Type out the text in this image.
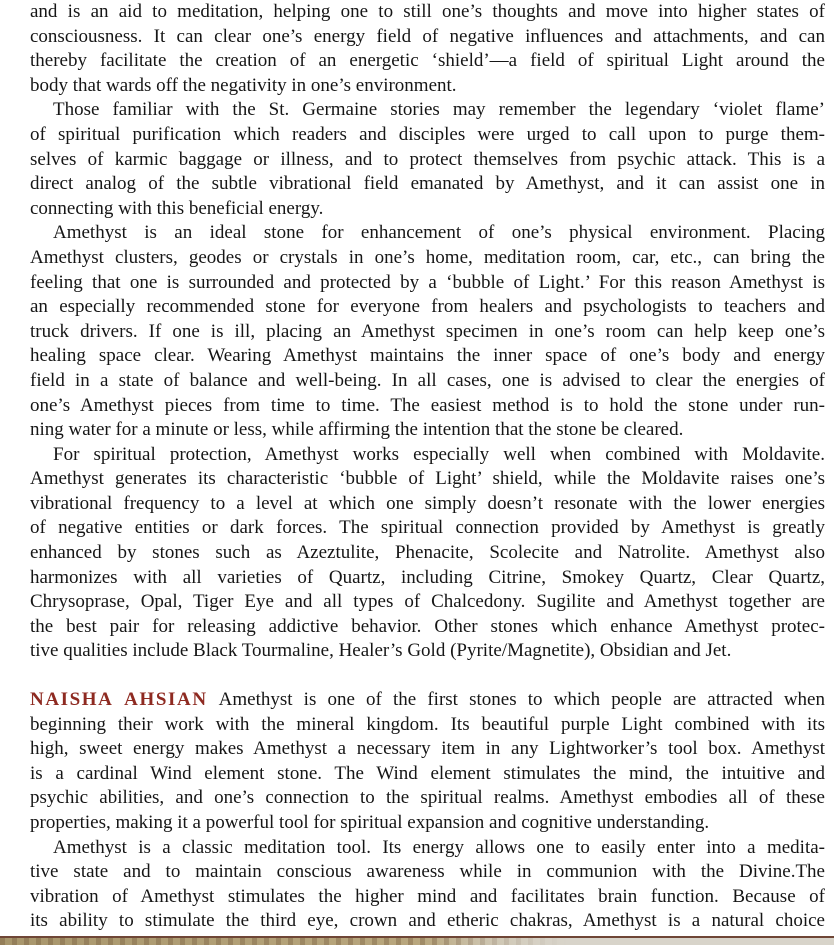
and is an aid to meditation, helping one to still one’s thoughts and move into higher states of
consciousness. It can clear one’s energy field of negative influences and attachments, and can
thereby facilitate the creation of an energetic ‘shield’—a field of spiritual Light around the
body that wards off the negativity in one’s environment.
Those familiar with the St. Germaine stories may remember the legendary ‘violet flame’
of spiritual purification which readers and disciples were urged to call upon to purge them-
selves of karmic baggage or illness, and to protect themselves from psychic attack. This is a
direct analog of the subtle vibrational field emanated by Amethyst, and it can assist one in
connecting with this beneficial energy.
Amethyst is an ideal stone for enhancement of one’s physical environment. Placing
Amethyst clusters, geodes or crystals in one’s home, meditation room, car, etc., can bring the
feeling that one is surrounded and protected by a ‘bubble of Light.’ For this reason Amethyst is
an especially recommended stone for everyone from healers and psychologists to teachers and
truck drivers. If one is ill, placing an Amethyst specimen in one’s room can help keep one’s
healing space clear. Wearing Amethyst maintains the inner space of one’s body and energy
field in a state of balance and well-being. In all cases, one is advised to clear the energies of
one’s Amethyst pieces from time to time. The easiest method is to hold the stone under run-
ning water for a minute or less, while affirming the intention that the stone be cleared.
For spiritual protection, Amethyst works especially well when combined with Moldavite.
Amethyst generates its characteristic ‘bubble of Light’ shield, while the Moldavite raises one’s
vibrational frequency to a level at which one simply doesn’t resonate with the lower energies
of negative entities or dark forces. The spiritual connection provided by Amethyst is greatly
enhanced by stones such as Azeztulite, Phenacite, Scolecite and Natrolite. Amethyst also
harmonizes with all varieties of Quartz, including Citrine, Smokey Quartz, Clear Quartz,
Chrysoprase, Opal, Tiger Eye and all types of Chalcedony. Sugilite and Amethyst together are
the best pair for releasing addictive behavior. Other stones which enhance Amethyst protec-
tive qualities include Black Tourmaline, Healer’s Gold (Pyrite/Magnetite), Obsidian and Jet.
NAISHA AHSIAN Amethyst is one of the first stones to which people are attracted when
beginning their work with the mineral kingdom. Its beautiful purple Light combined with its
high, sweet energy makes Amethyst a necessary item in any Lightworker’s tool box. Amethyst
is a cardinal Wind element stone. The Wind element stimulates the mind, the intuitive and
psychic abilities, and one’s connection to the spiritual realms. Amethyst embodies all of these
properties, making it a powerful tool for spiritual expansion and cognitive understanding.
Amethyst is a classic meditation tool. Its energy allows one to easily enter into a medita-
tive state and to maintain conscious awareness while in communion with the Divine.The
vibration of Amethyst stimulates the higher mind and facilitates brain function. Because of
its ability to stimulate the third eye, crown and etheric chakras, Amethyst is a natural choice
